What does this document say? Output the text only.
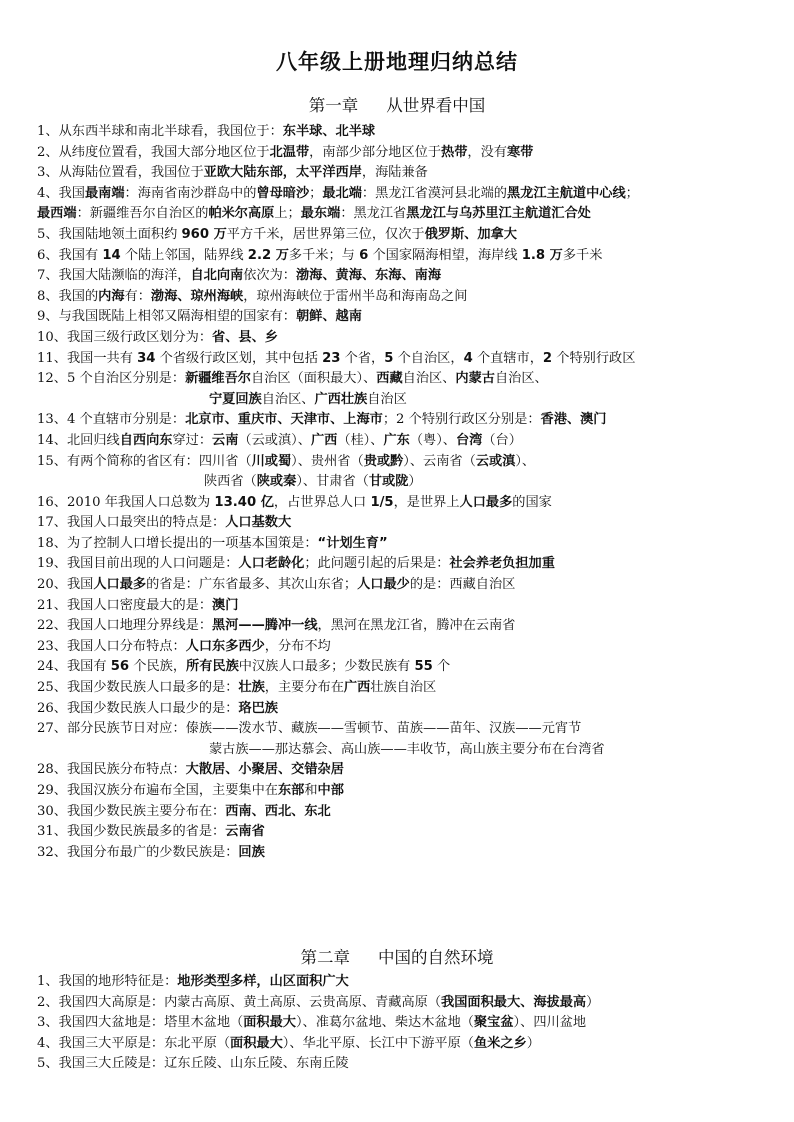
八年级上册地理归纳总结
第一章 从世界看中国
1、从东西半球和南北半球看，我国位于：东半球、北半球
2、从纬度位置看，我国大部分地区位于北温带，南部少部分地区位于热带，没有寒带
3、从海陆位置看，我国位于亚欧大陆东部，太平洋西岸，海陆兼备
4、我国最南端：海南省南沙群岛中的曾母暗沙；最北端：黑龙江省漠河县北端的黑龙江主航道中心线；
最西端：新疆维吾尔自治区的帕米尔高原上；最东端：黑龙江省黑龙江与乌苏里江主航道汇合处
5、我国陆地领土面积约 960 万平方千米，居世界第三位，仅次于俄罗斯、加拿大
6、我国有 14 个陆上邻国，陆界线 2.2 万多千米；与 6 个国家隔海相望，海岸线 1.8 万多千米
7、我国大陆濒临的海洋，自北向南依次为：渤海、黄海、东海、南海
8、我国的内海有：渤海、琼州海峡，琼州海峡位于雷州半岛和海南岛之间
9、与我国既陆上相邻又隔海相望的国家有：朝鲜、越南
10、我国三级行政区划分为：省、县、乡
11、我国一共有 34 个省级行政区划，其中包括 23 个省，5 个自治区，4 个直辖市，2 个特别行政区
12、5 个自治区分别是：新疆维吾尔自治区（面积最大）、西藏自治区、内蒙古自治区、
宁夏回族自治区、广西壮族自治区
13、4 个直辖市分别是：北京市、重庆市、天津市、上海市；2 个特别行政区分别是：香港、澳门
14、北回归线自西向东穿过：云南（云或滇）、广西（桂）、广东（粤）、台湾（台）
15、有两个简称的省区有：四川省（川或蜀）、贵州省（贵或黔）、云南省（云或滇）、
陕西省（陕或秦）、甘肃省（甘或陇）
16、2010 年我国人口总数为 13.40 亿，占世界总人口 1/5，是世界上人口最多的国家
17、我国人口最突出的特点是：人口基数大
18、为了控制人口增长提出的一项基本国策是：“计划生育”
19、我国目前出现的人口问题是：人口老龄化；此问题引起的后果是：社会养老负担加重
20、我国人口最多的省是：广东省最多、其次山东省；人口最少的是：西藏自治区
21、我国人口密度最大的是：澳门
22、我国人口地理分界线是：黑河——腾冲一线，黑河在黑龙江省，腾冲在云南省
23、我国人口分布特点：人口东多西少，分布不均
24、我国有 56 个民族，所有民族中汉族人口最多；少数民族有 55 个
25、我国少数民族人口最多的是：壮族，主要分布在广西壮族自治区
26、我国少数民族人口最少的是：珞巴族
27、部分民族节日对应：傣族——泼水节、藏族——雪顿节、苗族——苗年、汉族——元宵节
蒙古族——那达慕会、高山族——丰收节，高山族主要分布在台湾省
28、我国民族分布特点：大散居、小聚居、交错杂居
29、我国汉族分布遍布全国，主要集中在东部和中部
30、我国少数民族主要分布在：西南、西北、东北
31、我国少数民族最多的省是：云南省
32、我国分布最广的少数民族是：回族
第二章 中国的自然环境
1、我国的地形特征是：地形类型多样，山区面积广大
2、我国四大高原是：内蒙古高原、黄土高原、云贵高原、青藏高原（我国面积最大、海拔最高）
3、我国四大盆地是：塔里木盆地（面积最大）、准葛尔盆地、柴达木盆地（聚宝盆）、四川盆地
4、我国三大平原是：东北平原（面积最大）、华北平原、长江中下游平原（鱼米之乡）
5、我国三大丘陵是：辽东丘陵、山东丘陵、东南丘陵
